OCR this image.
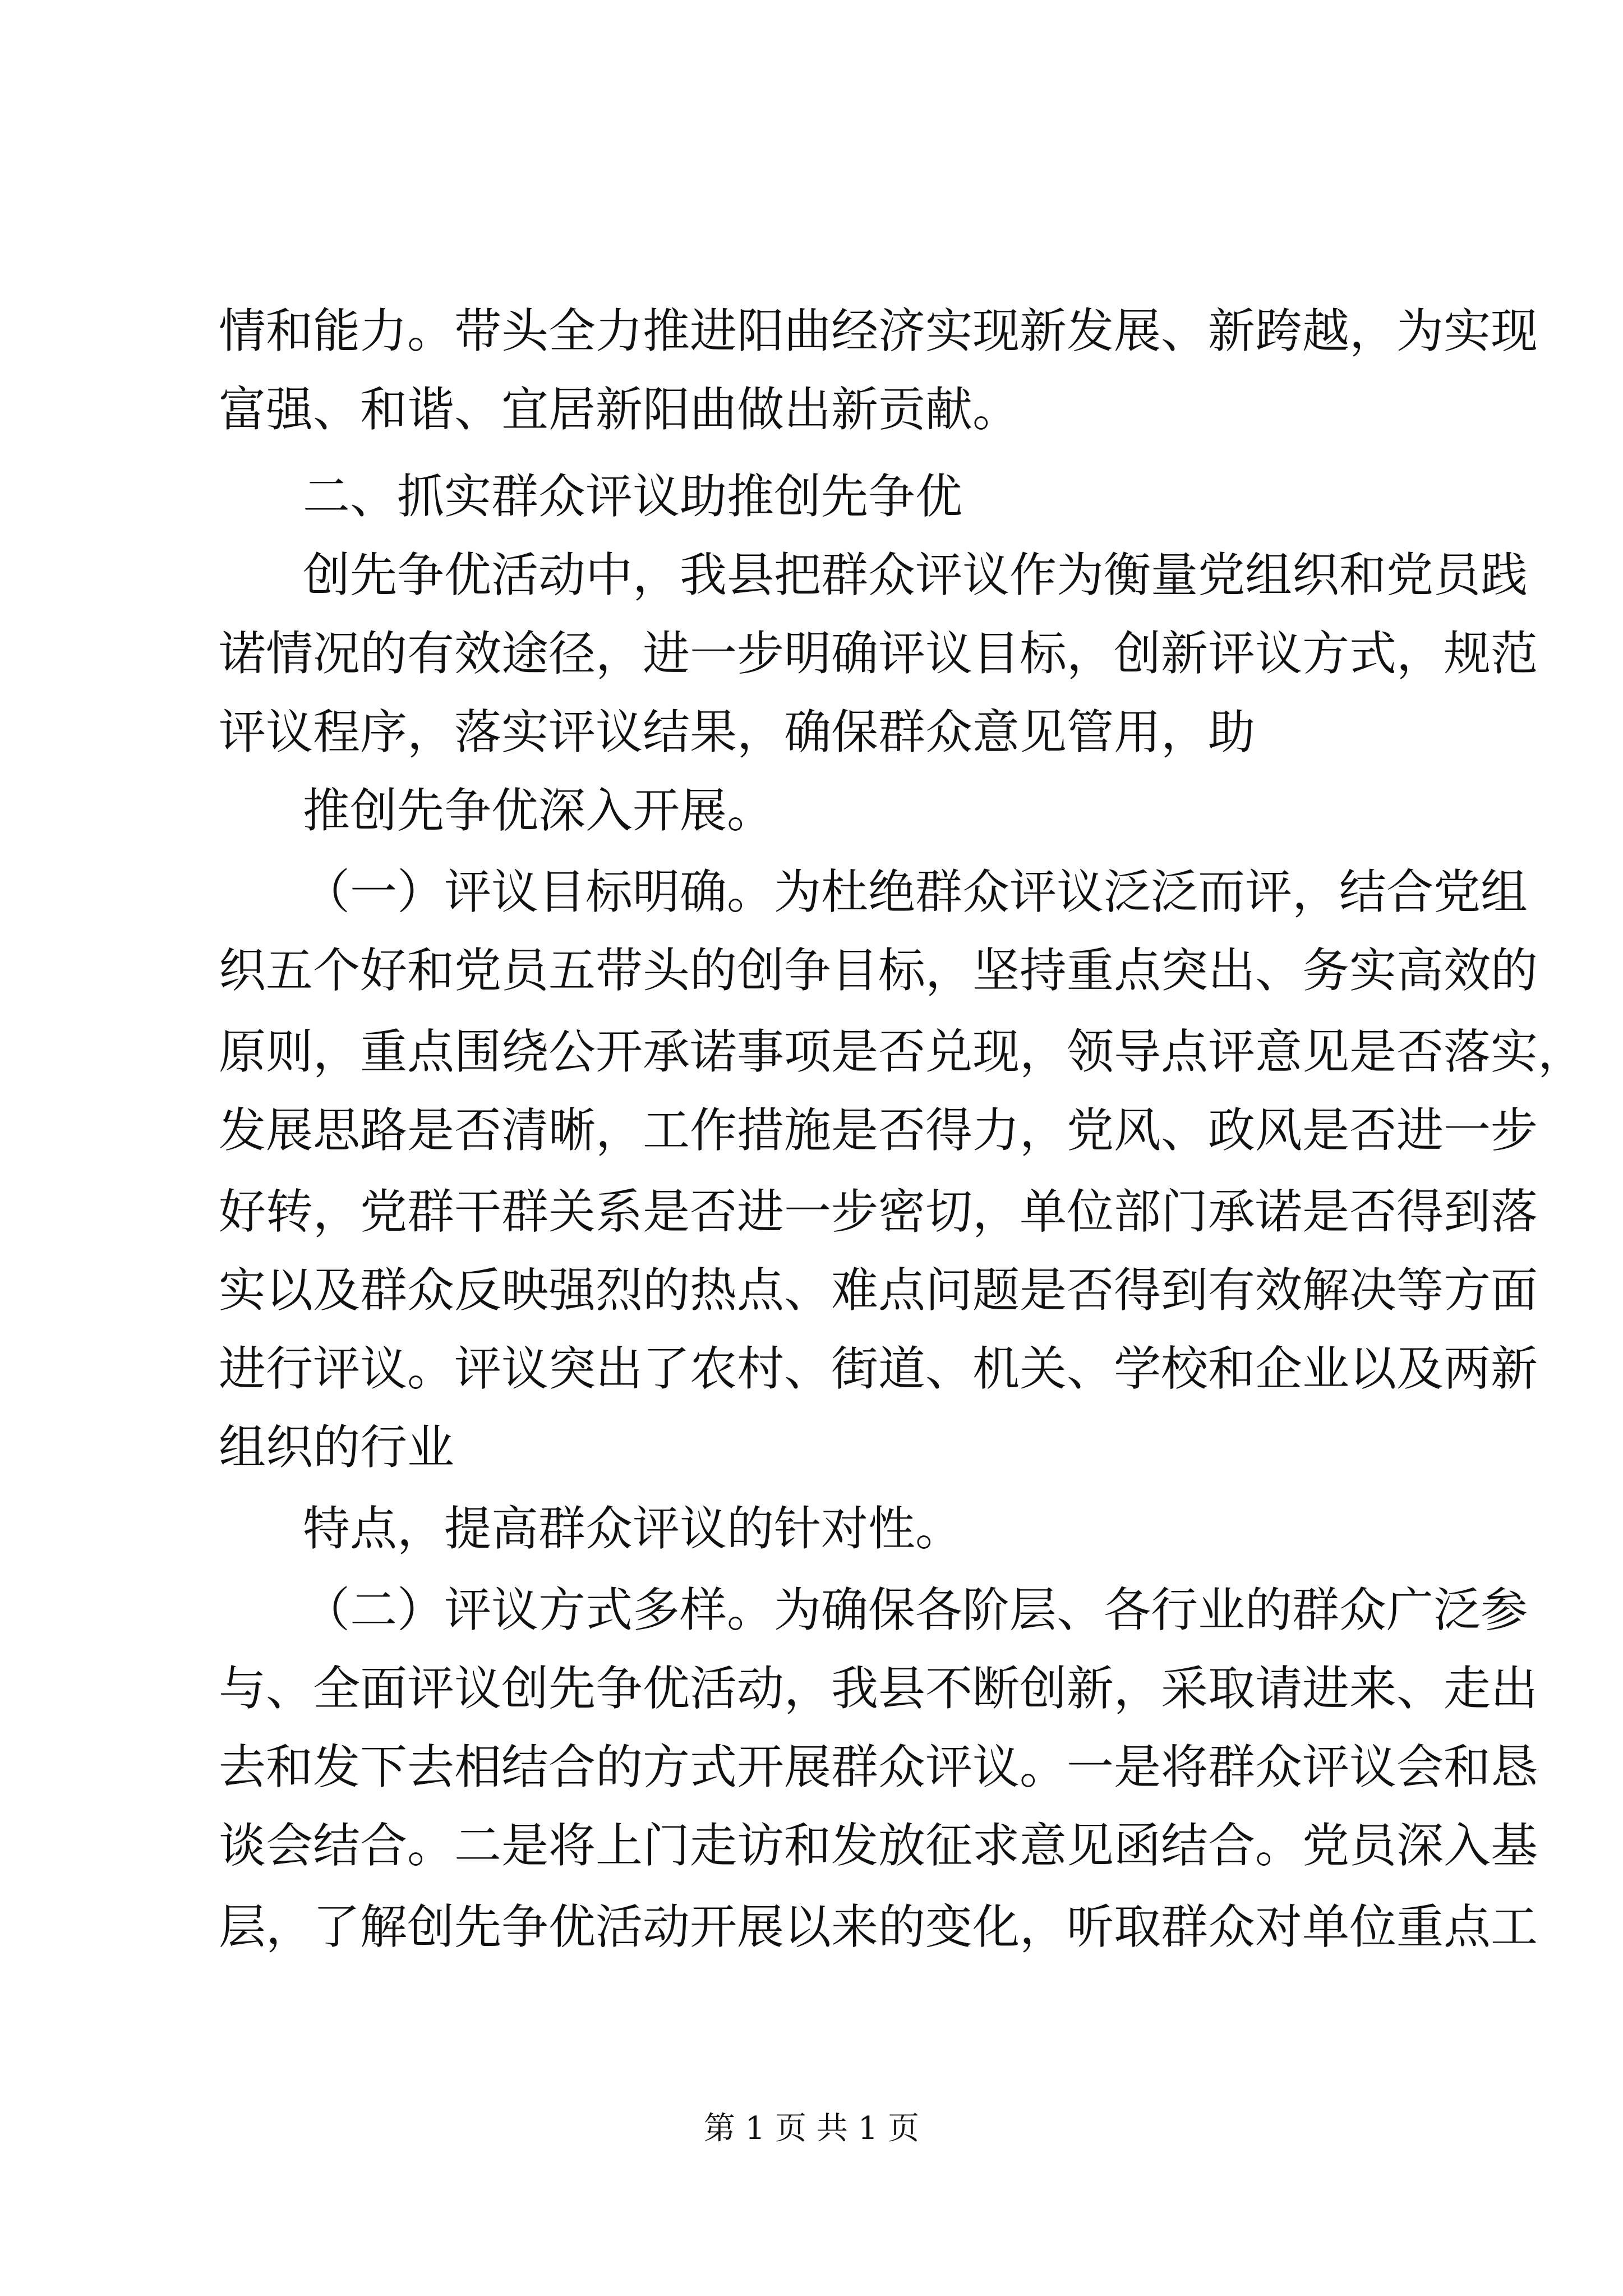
情和能力。带头全力推进阳曲经济实现新发展、新跨越，为实现
富强、和谐、宜居新阳曲做出新贡献。
二、抓实群众评议助推创先争优
创先争优活动中，我县把群众评议作为衡量党组织和党员践
诺情况的有效途径，进一步明确评议目标，创新评议方式，规范
评议程序，落实评议结果，确保群众意见管用，助
推创先争优深入开展。
（一）评议目标明确。为杜绝群众评议泛泛而评，结合党组
织五个好和党员五带头的创争目标，坚持重点突出、务实高效的
原则，重点围绕公开承诺事项是否兑现，领导点评意见是否落实，
发展思路是否清晰，工作措施是否得力，党风、政风是否进一步
好转，党群干群关系是否进一步密切，单位部门承诺是否得到落
实以及群众反映强烈的热点、难点问题是否得到有效解决等方面
进行评议。评议突出了农村、街道、机关、学校和企业以及两新
组织的行业
特点，提高群众评议的针对性。
（二）评议方式多样。为确保各阶层、各行业的群众广泛参
与、全面评议创先争优活动，我县不断创新，采取请进来、走出
去和发下去相结合的方式开展群众评议。一是将群众评议会和恳
谈会结合。二是将上门走访和发放征求意见函结合。党员深入基
层，了解创先争优活动开展以来的变化，听取群众对单位重点工
第 1 页 共 1 页
